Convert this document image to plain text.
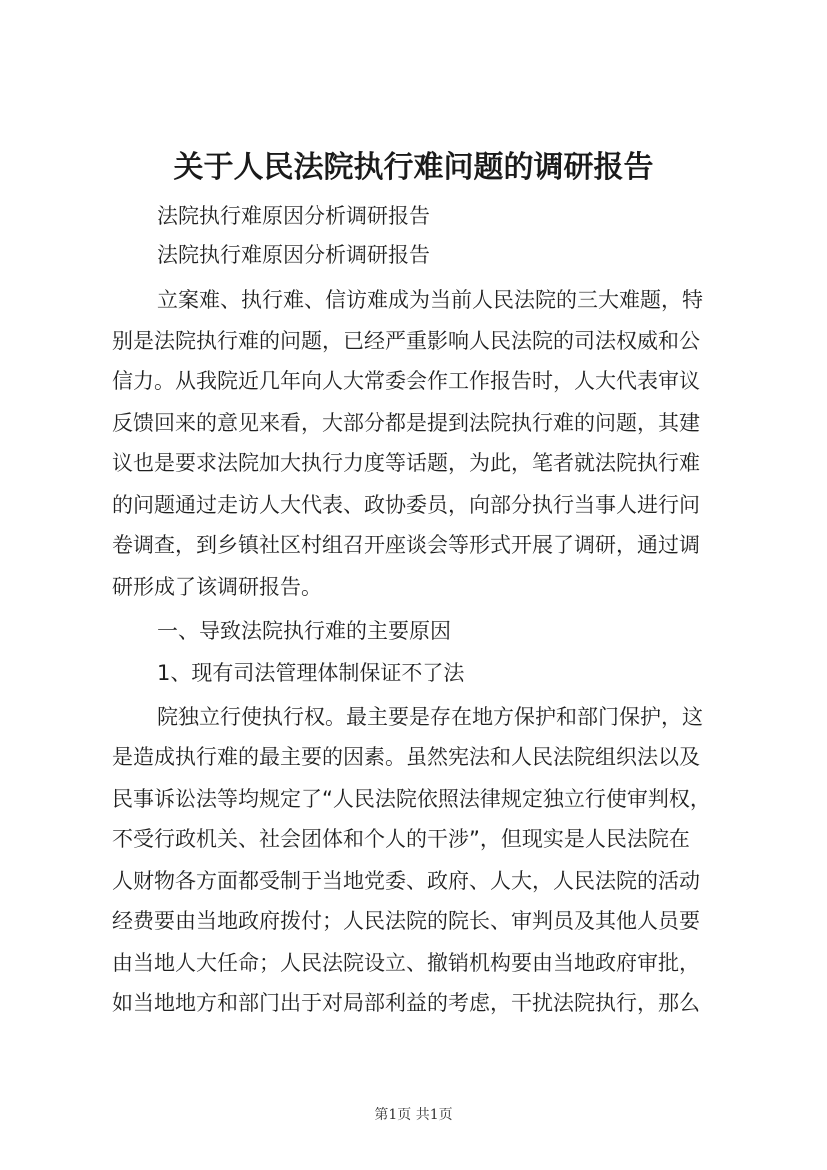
关于人民法院执行难问题的调研报告
法院执行难原因分析调研报告
法院执行难原因分析调研报告
立案难、执行难、信访难成为当前人民法院的三大难题，特
别是法院执行难的问题，已经严重影响人民法院的司法权威和公
信力。从我院近几年向人大常委会作工作报告时，人大代表审议
反馈回来的意见来看，大部分都是提到法院执行难的问题，其建
议也是要求法院加大执行力度等话题，为此，笔者就法院执行难
的问题通过走访人大代表、政协委员，向部分执行当事人进行问
卷调查，到乡镇社区村组召开座谈会等形式开展了调研，通过调
研形成了该调研报告。
一、导致法院执行难的主要原因
1、现有司法管理体制保证不了法
院独立行使执行权。最主要是存在地方保护和部门保护，这
是造成执行难的最主要的因素。虽然宪法和人民法院组织法以及
民事诉讼法等均规定了“人民法院依照法律规定独立行使审判权，
不受行政机关、社会团体和个人的干涉”，但现实是人民法院在
人财物各方面都受制于当地党委、政府、人大，人民法院的活动
经费要由当地政府拨付；人民法院的院长、审判员及其他人员要
由当地人大任命；人民法院设立、撤销机构要由当地政府审批，
如当地地方和部门出于对局部利益的考虑，干扰法院执行，那么
第1页 共1页
